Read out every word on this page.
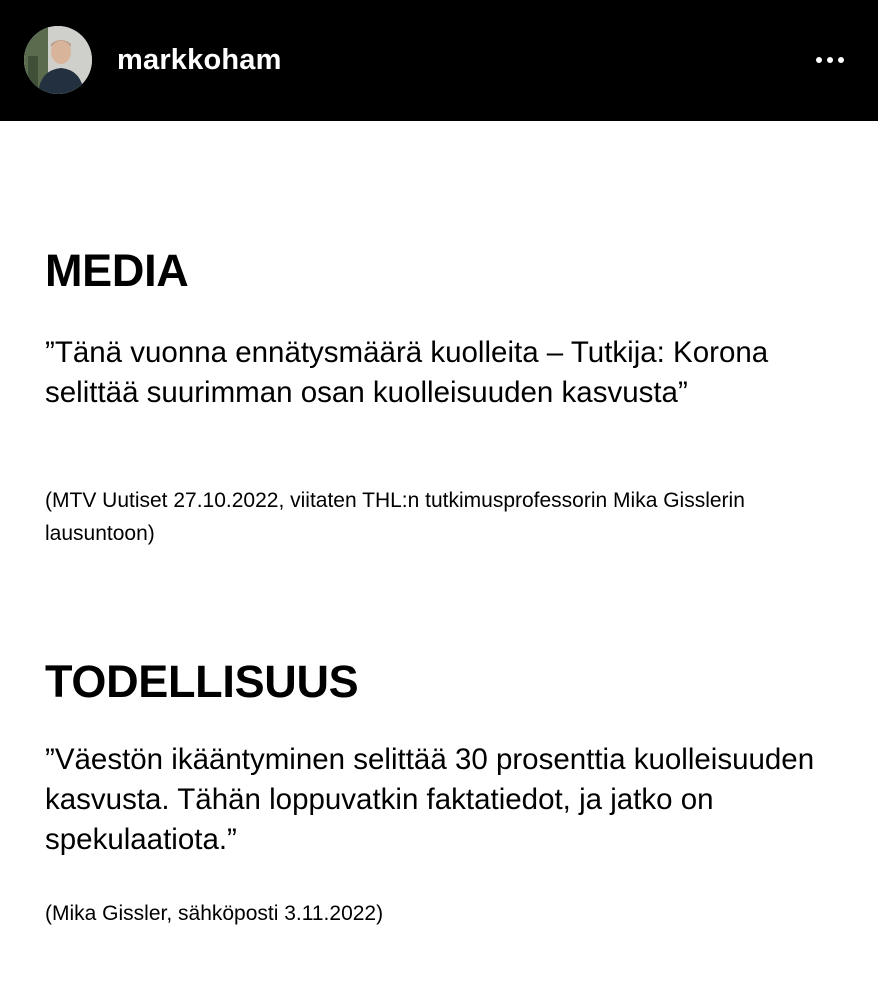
markkoham
MEDIA

”Tänä vuonna ennätysmäärä kuolleita – Tutkija: Korona selittää suurimman osan kuolleisuuden kasvusta”

(MTV Uutiset 27.10.2022, viitaten THL:n tutkimusprofessorin Mika Gisslerin lausuntoon)

TODELLISUUS

”Väestön ikääntyminen selittää 30 prosenttia kuolleisuuden kasvusta. Tähän loppuvatkin faktatiedot, ja jatko on spekulaatiota.”

(Mika Gissler, sähköposti 3.11.2022)
